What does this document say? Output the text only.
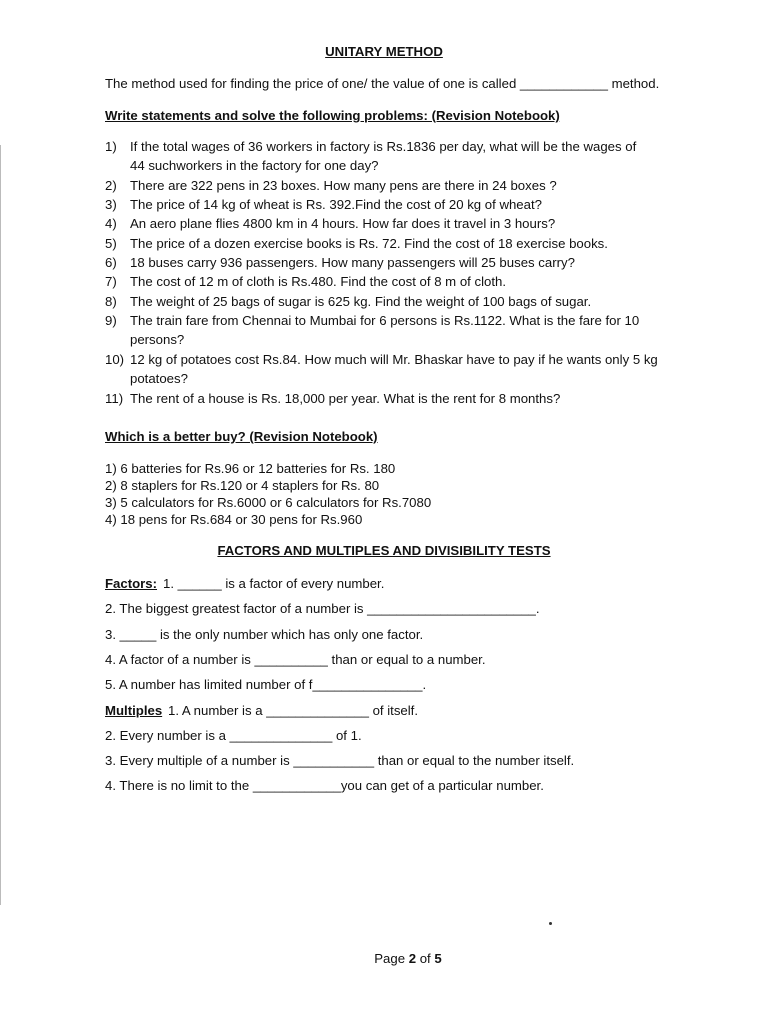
UNITARY METHOD
The method used for finding the price of one/ the value of one is called ____________ method.
Write statements and solve the following problems: (Revision Notebook)
1) If the total wages of 36 workers in factory is Rs.1836 per day, what will be the wages of
44 suchworkers in the factory for one day?
2) There are 322 pens in 23 boxes. How many pens are there in 24 boxes ?
3) The price of 14 kg of wheat is Rs. 392.Find the cost of 20 kg of wheat?
4) An aero plane flies 4800 km in 4 hours. How far does it travel in 3 hours?
5) The price of a dozen exercise books is Rs. 72. Find the cost of 18 exercise books.
6) 18 buses carry 936 passengers. How many passengers will 25 buses carry?
7) The cost of 12 m of cloth is Rs.480. Find the cost of 8 m of cloth.
8) The weight of 25 bags of sugar is 625 kg. Find the weight of 100 bags of sugar.
9) The train fare from Chennai to Mumbai for 6 persons is Rs.1122. What is the fare for 10
persons?
10) 12 kg of potatoes cost Rs.84. How much will Mr. Bhaskar have to pay if he wants only 5 kg
potatoes?
11) The rent of a house is Rs. 18,000 per year. What is the rent for 8 months?
Which is a better buy? (Revision Notebook)
1) 6 batteries for Rs.96 or 12 batteries for Rs. 180
2) 8 staplers for Rs.120 or 4 staplers for Rs. 80
3) 5 calculators for Rs.6000 or 6 calculators for Rs.7080
4) 18 pens for Rs.684 or 30 pens for Rs.960
FACTORS AND MULTIPLES AND DIVISIBILITY TESTS
Factors: 1. ______ is a factor of every number.
2. The biggest greatest factor of a number is _______________________.
3. _____ is the only number which has only one factor.
4. A factor of a number is __________ than or equal to a number.
5. A number has limited number of f_______________.
Multiples 1. A number is a ______________ of itself.
2. Every number is a ______________ of 1.
3. Every multiple of a number is ___________ than or equal to the number itself.
4. There is no limit to the ____________you can get of a particular number.
Page 2 of 5
